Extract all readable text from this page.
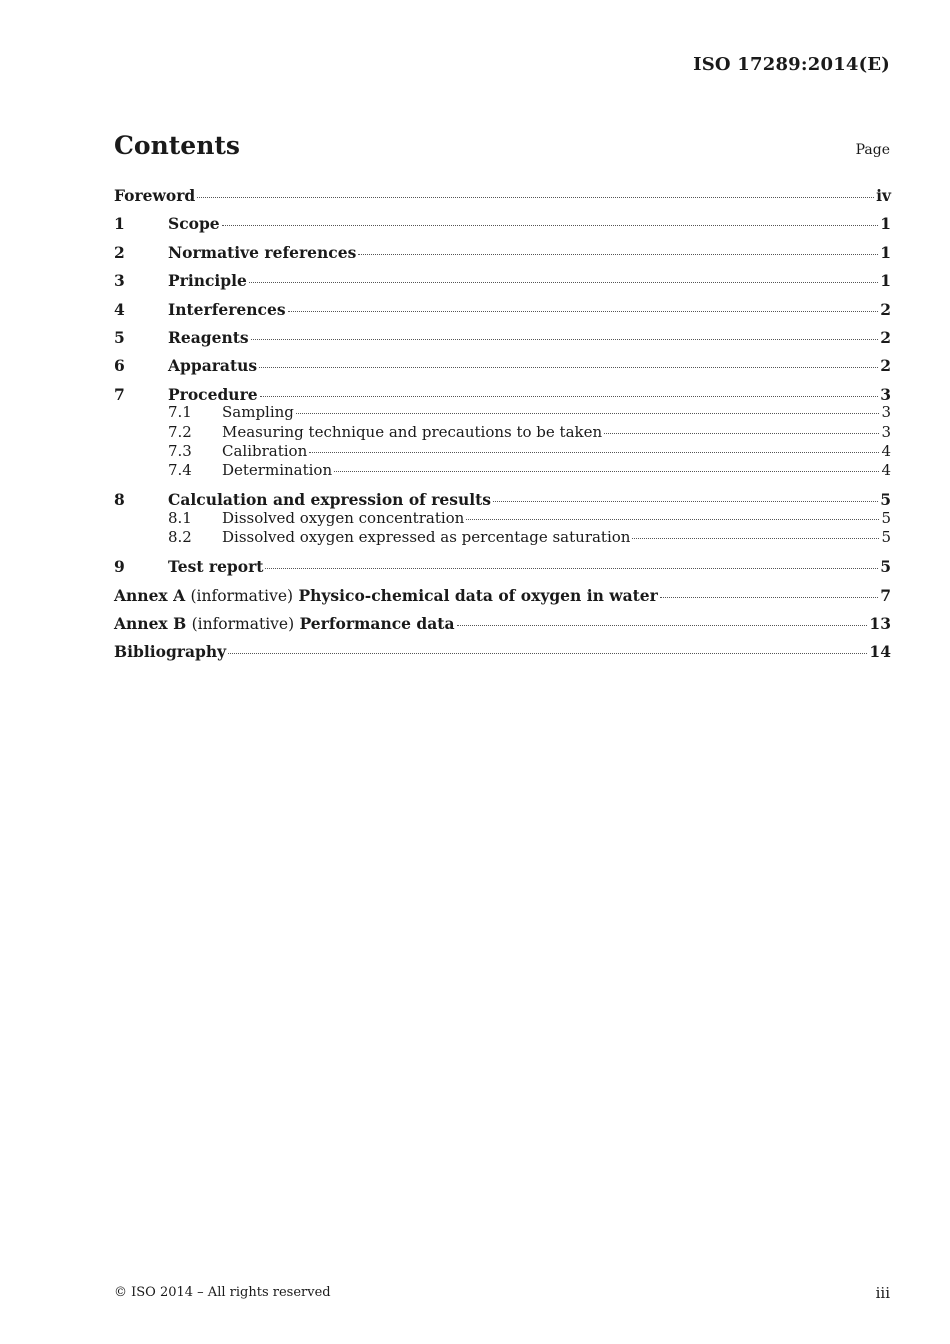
ISO 17289:2014(E)
Contents	Page
Foreword	iv
1	Scope	1
2	Normative references	1
3	Principle	1
4	Interferences	2
5	Reagents	2
6	Apparatus	2
7	Procedure	3
7.1	Sampling	3
7.2	Measuring technique and precautions to be taken	3
7.3	Calibration	4
7.4	Determination	4
8	Calculation and expression of results	5
8.1	Dissolved oxygen concentration	5
8.2	Dissolved oxygen expressed as percentage saturation	5
9	Test report	5
Annex A (informative) Physico-chemical data of oxygen in water	7
Annex B (informative) Performance data	13
Bibliography	14
© ISO 2014 – All rights reserved	iii
